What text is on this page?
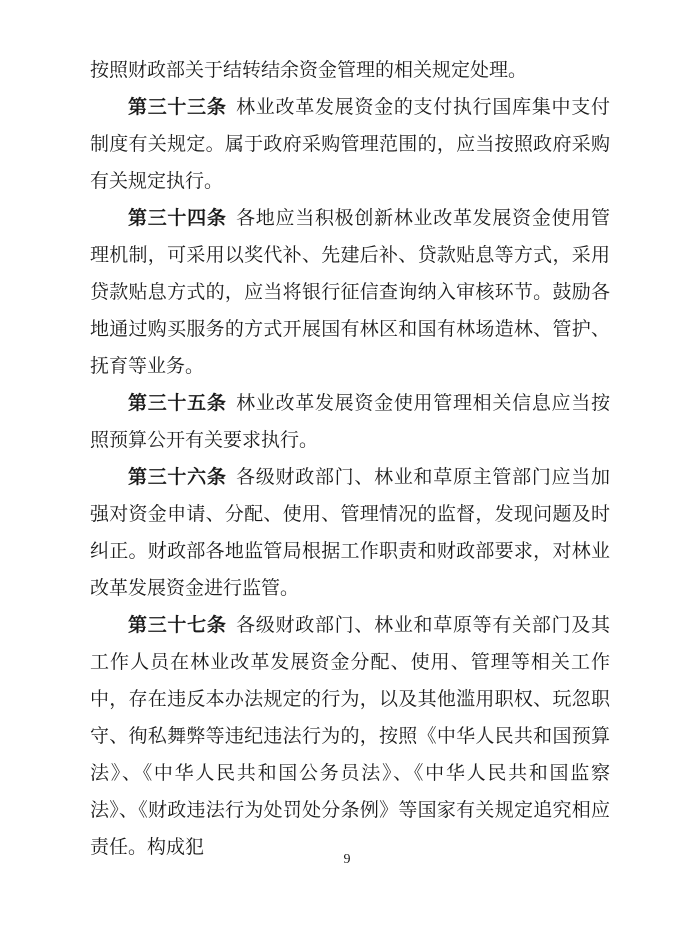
按照财政部关于结转结余资金管理的相关规定处理。

第三十三条 林业改革发展资金的支付执行国库集中支付制度有关规定。属于政府采购管理范围的，应当按照政府采购有关规定执行。

第三十四条 各地应当积极创新林业改革发展资金使用管理机制，可采用以奖代补、先建后补、贷款贴息等方式，采用贷款贴息方式的，应当将银行征信查询纳入审核环节。鼓励各地通过购买服务的方式开展国有林区和国有林场造林、管护、抚育等业务。

第三十五条 林业改革发展资金使用管理相关信息应当按照预算公开有关要求执行。

第三十六条 各级财政部门、林业和草原主管部门应当加强对资金申请、分配、使用、管理情况的监督，发现问题及时纠正。财政部各地监管局根据工作职责和财政部要求，对林业改革发展资金进行监管。

第三十七条 各级财政部门、林业和草原等有关部门及其工作人员在林业改革发展资金分配、使用、管理等相关工作中，存在违反本办法规定的行为，以及其他滥用职权、玩忽职守、徇私舞弊等违纪违法行为的，按照《中华人民共和国预算法》、《中华人民共和国公务员法》、《中华人民共和国监察法》、《财政违法行为处罚处分条例》等国家有关规定追究相应责任。构成犯

9
